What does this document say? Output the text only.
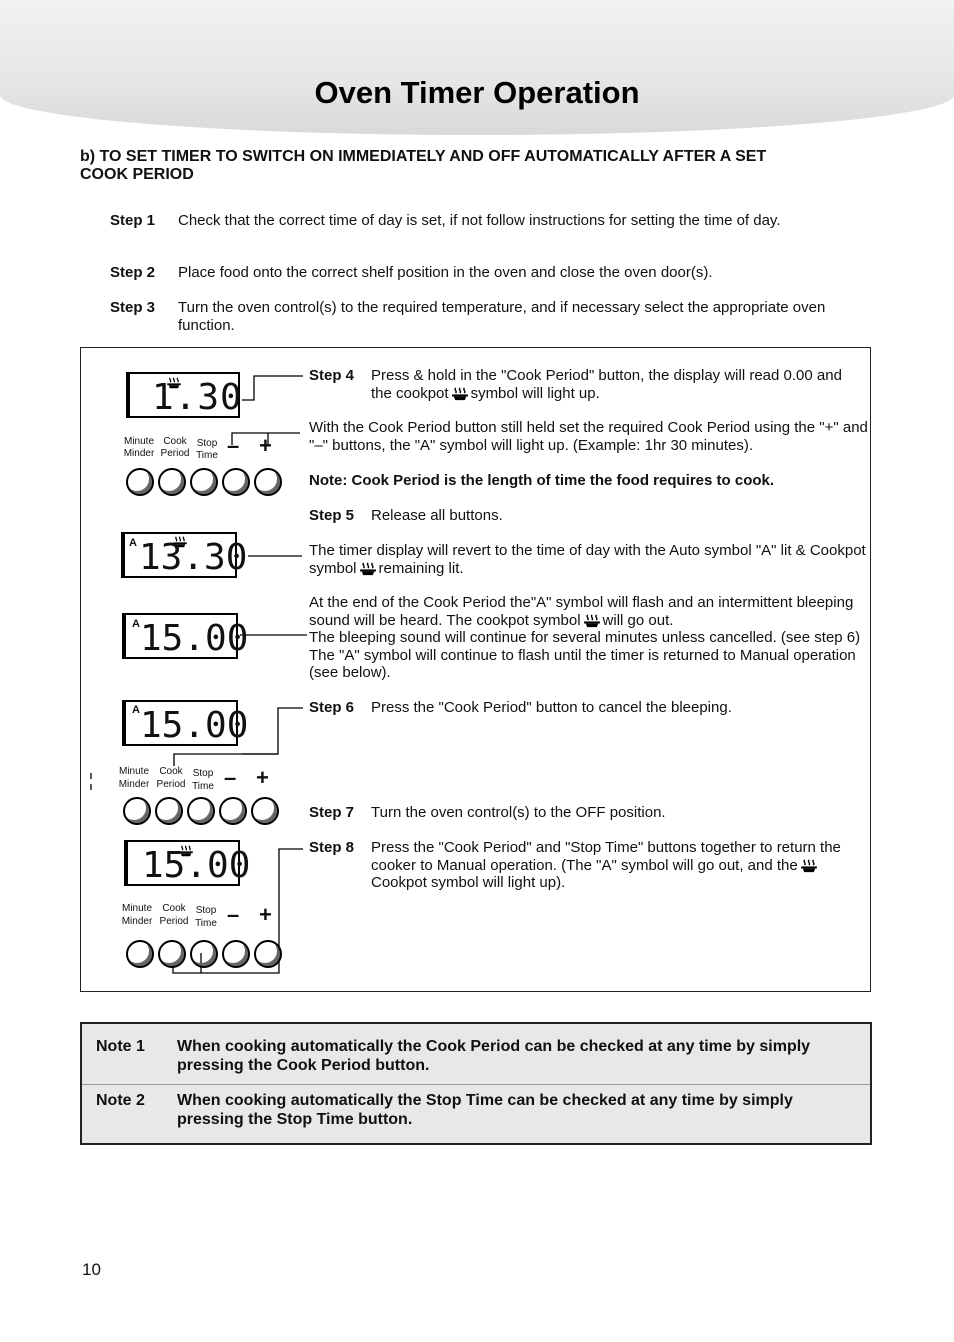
Oven Timer Operation
b) TO SET TIMER TO SWITCH ON IMMEDIATELY AND OFF AUTOMATICALLY AFTER A SET COOK PERIOD
Step 1 Check that the correct time of day is set, if not follow instructions for setting the time of day.
Step 2 Place food onto the correct shelf position in the oven and close the oven door(s).
Step 3 Turn the oven control(s) to the required temperature, and if necessary select the appropriate oven function.
1.30
A 13.30
A 15.00
A 15.00
15.00
Minute
Minder
Cook
Period
Stop
Time – +
Minute
Minder
Cook
Period
Stop
Time – +
Minute
Minder
Cook
Period
Stop
Time – +
Step 4 Press & hold in the "Cook Period" button, the display will read 0.00 and the cookpot symbol will light up.
With the Cook Period button still held set the required Cook Period using the "+" and "–" buttons, the "A" symbol will light up. (Example: 1hr 30 minutes).
Note: Cook Period is the length of time the food requires to cook.
Step 5 Release all buttons.
The timer display will revert to the time of day with the Auto symbol "A" lit & Cookpot symbol remaining lit.
At the end of the Cook Period the"A" symbol will flash and an intermittent bleeping sound will be heard. The cookpot symbol will go out.
The bleeping sound will continue for several minutes unless cancelled. (see step 6) The "A" symbol will continue to flash until the timer is returned to Manual operation (see below).
Step 6 Press the "Cook Period" button to cancel the bleeping.
Step 7 Turn the oven control(s) to the OFF position.
Step 8 Press the "Cook Period" and "Stop Time" buttons together to return the cooker to Manual operation. (The "A" symbol will go out, and theCookpot symbol will light up).
Note 1 When cooking automatically the Cook Period can be checked at any time by simply pressing the Cook Period button.
Note 2 When cooking automatically the Stop Time can be checked at any time by simply pressing the Stop Time button.
10
